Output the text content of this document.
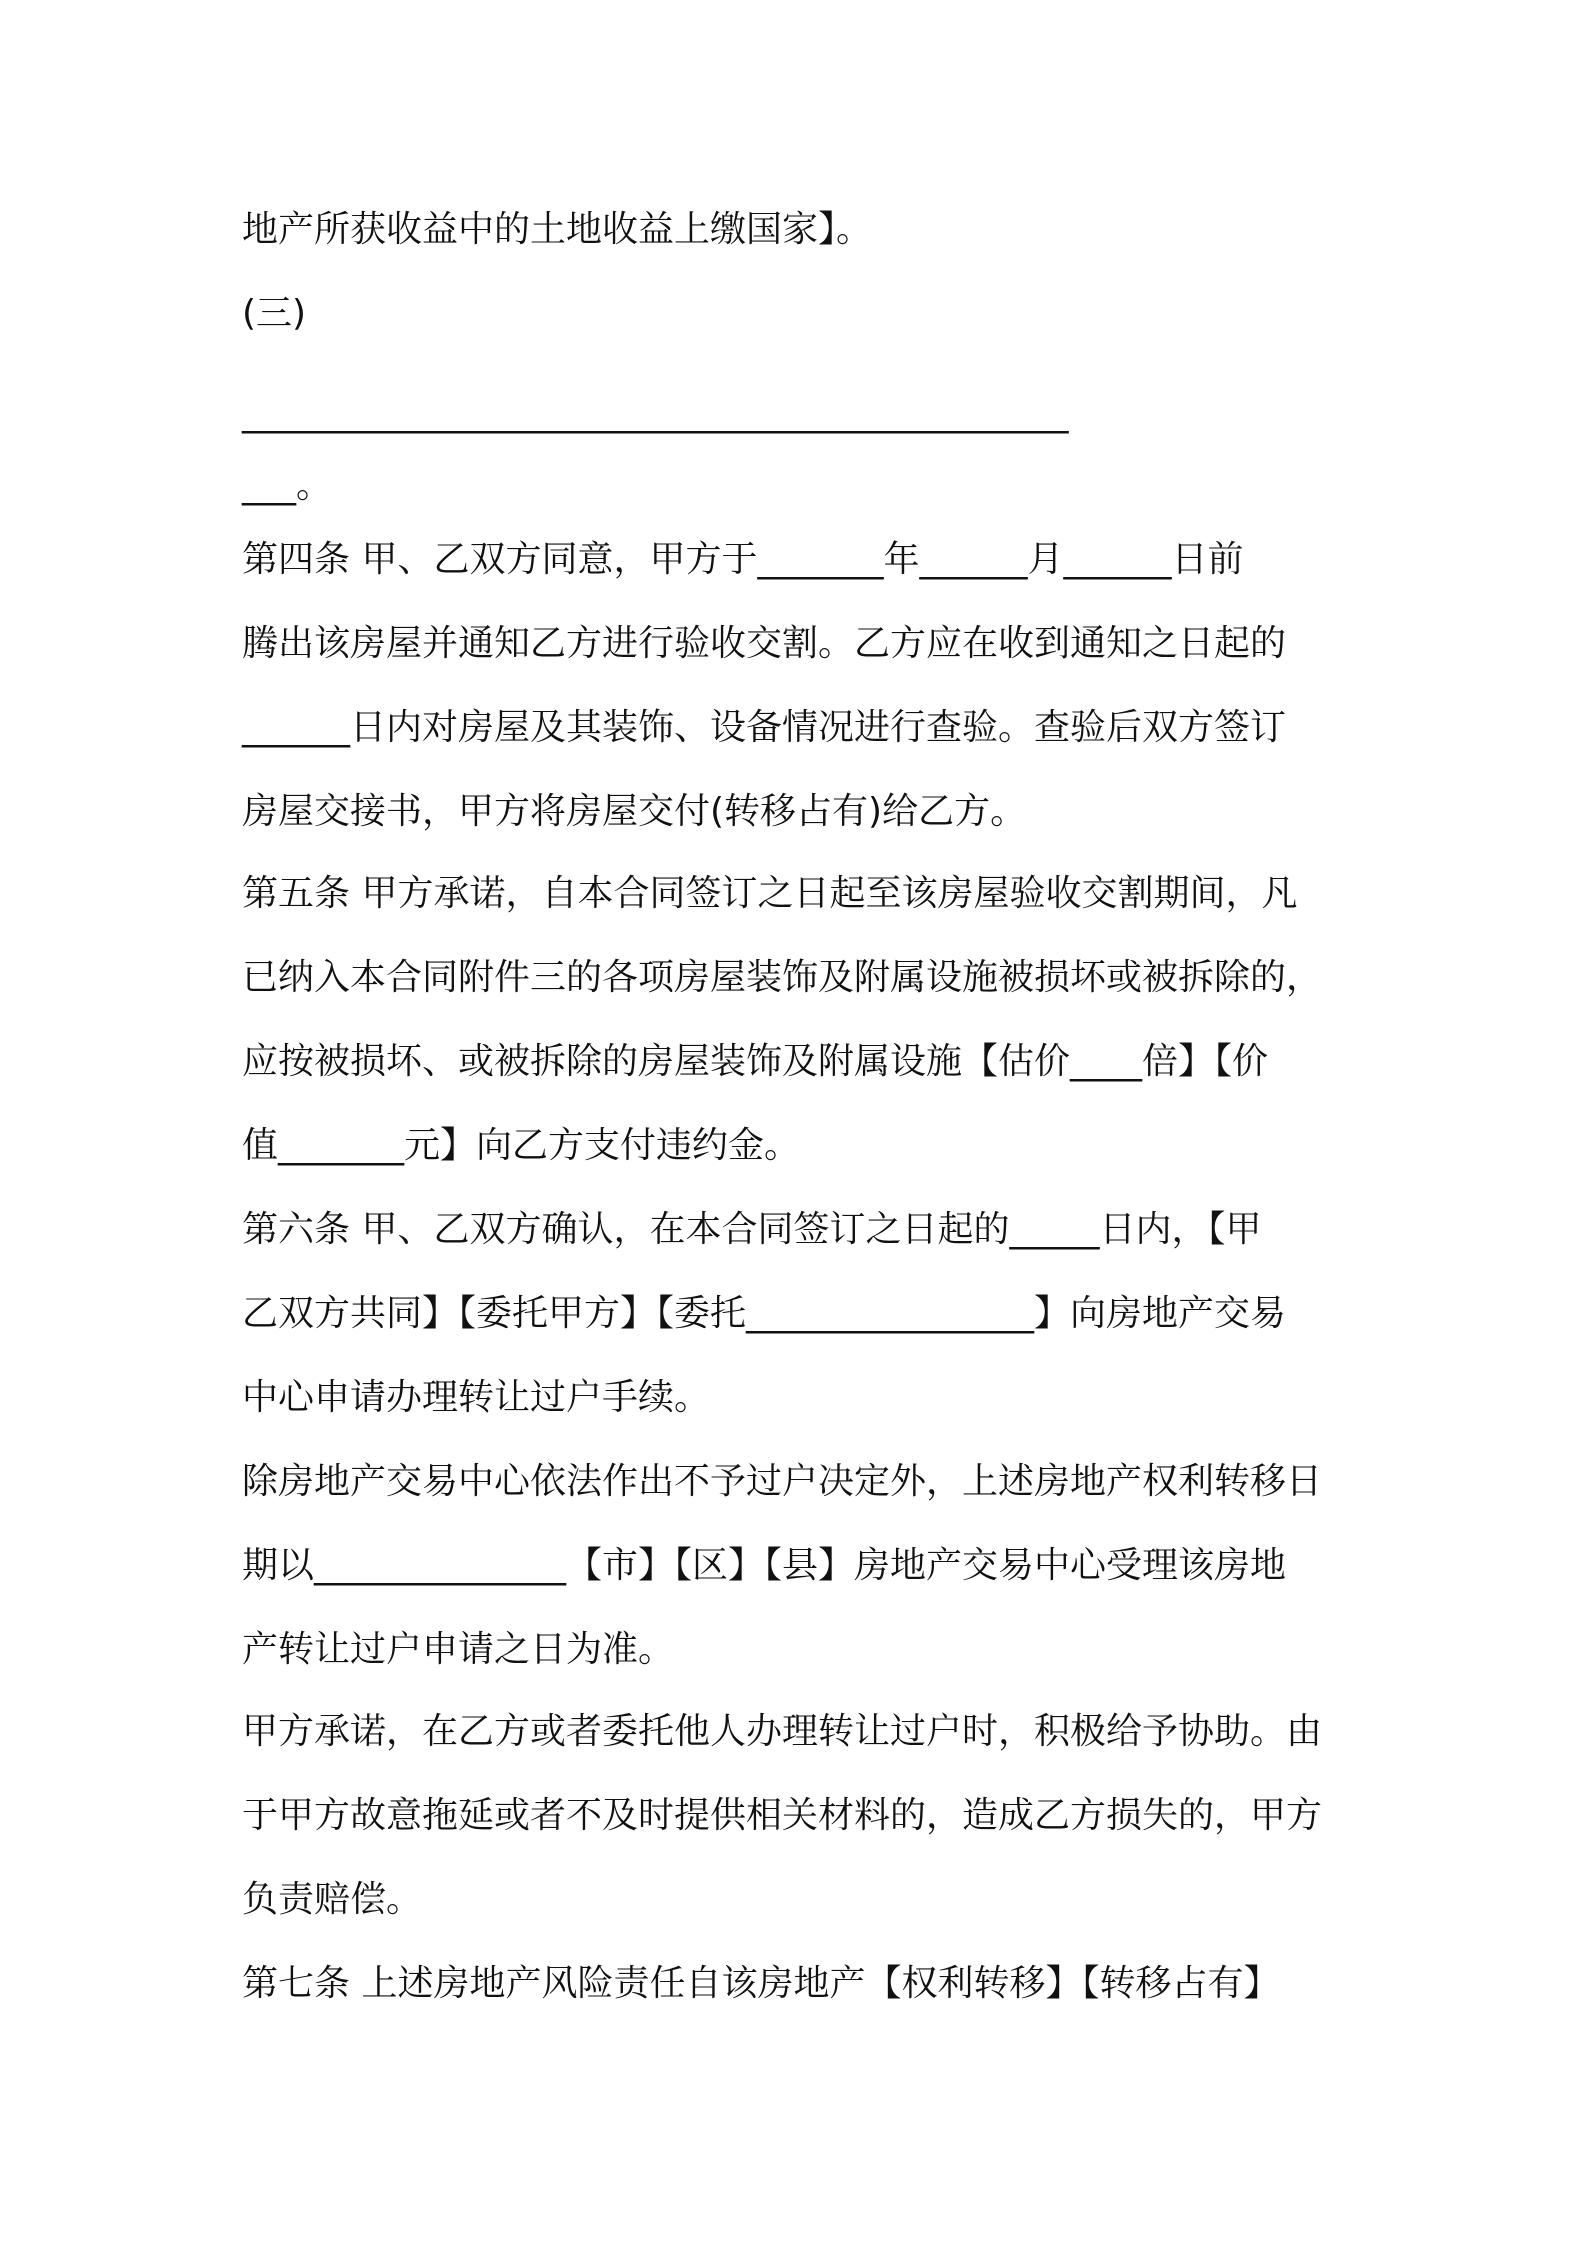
地产所获收益中的土地收益上缴国家】。
(三)
________________________________________________________
___。
第四条 甲、乙双方同意，甲方于_______年______月______日前
腾出该房屋并通知乙方进行验收交割。乙方应在收到通知之日起的
______日内对房屋及其装饰、设备情况进行查验。查验后双方签订
房屋交接书，甲方将房屋交付(转移占有)给乙方。
第五条 甲方承诺，自本合同签订之日起至该房屋验收交割期间，凡
已纳入本合同附件三的各项房屋装饰及附属设施被损坏或被拆除的，
应按被损坏、或被拆除的房屋装饰及附属设施【估价____倍】【价
值_______元】向乙方支付违约金。
第六条 甲、乙双方确认，在本合同签订之日起的_____日内，【甲
乙双方共同】【委托甲方】【委托________________】向房地产交易
中心申请办理转让过户手续。
除房地产交易中心依法作出不予过户决定外，上述房地产权利转移日
期以______________【市】【区】【县】房地产交易中心受理该房地
产转让过户申请之日为准。
甲方承诺，在乙方或者委托他人办理转让过户时，积极给予协助。由
于甲方故意拖延或者不及时提供相关材料的，造成乙方损失的，甲方
负责赔偿。
第七条 上述房地产风险责任自该房地产【权利转移】【转移占有】
